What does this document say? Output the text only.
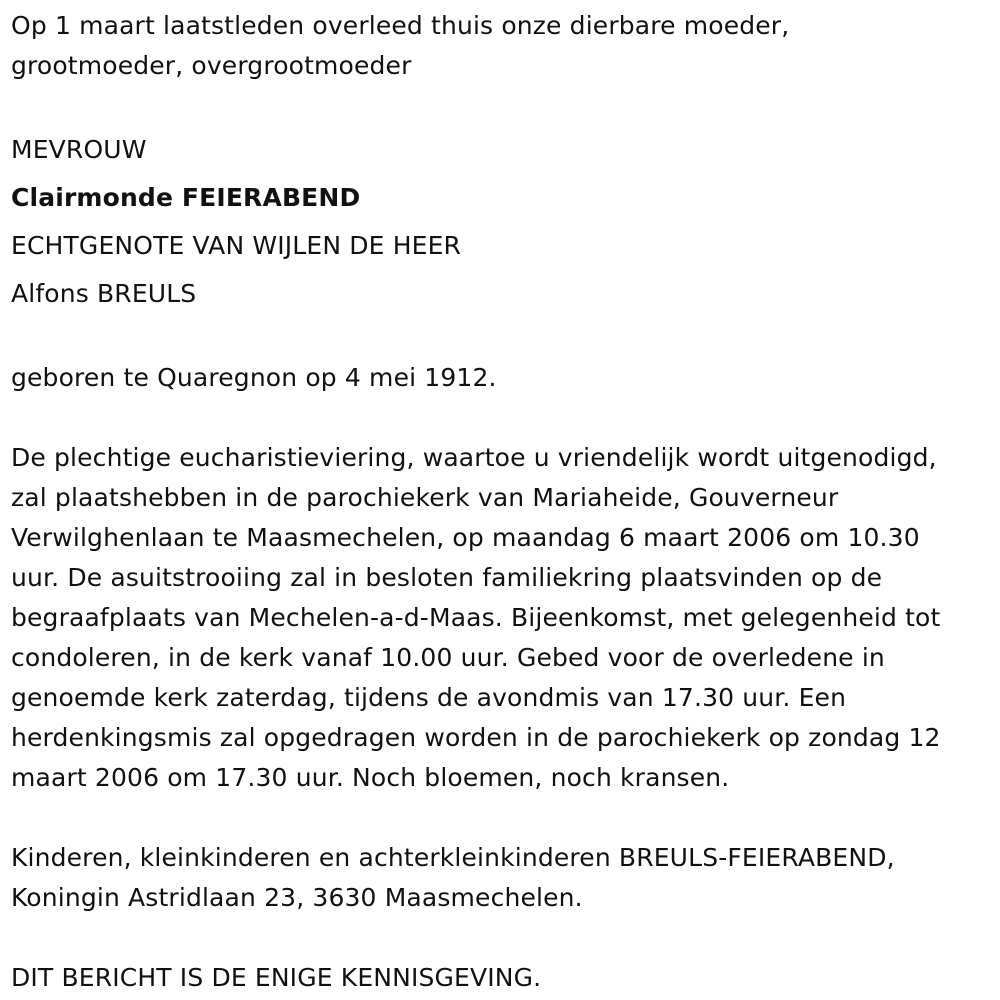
Op 1 maart laatstleden overleed thuis onze dierbare moeder,
grootmoeder, overgrootmoeder
MEVROUW
Clairmonde FEIERABEND
ECHTGENOTE VAN WIJLEN DE HEER
Alfons BREULS
geboren te Quaregnon op 4 mei 1912.
De plechtige eucharistieviering, waartoe u vriendelijk wordt uitgenodigd,
zal plaatshebben in de parochiekerk van Mariaheide, Gouverneur
Verwilghenlaan te Maasmechelen, op maandag 6 maart 2006 om 10.30
uur. De asuitstrooiing zal in besloten familiekring plaatsvinden op de
begraafplaats van Mechelen-a-d-Maas. Bijeenkomst, met gelegenheid tot
condoleren, in de kerk vanaf 10.00 uur. Gebed voor de overledene in
genoemde kerk zaterdag, tijdens de avondmis van 17.30 uur. Een
herdenkingsmis zal opgedragen worden in de parochiekerk op zondag 12
maart 2006 om 17.30 uur. Noch bloemen, noch kransen.
Kinderen, kleinkinderen en achterkleinkinderen BREULS-FEIERABEND,
Koningin Astridlaan 23, 3630 Maasmechelen.
DIT BERICHT IS DE ENIGE KENNISGEVING.
